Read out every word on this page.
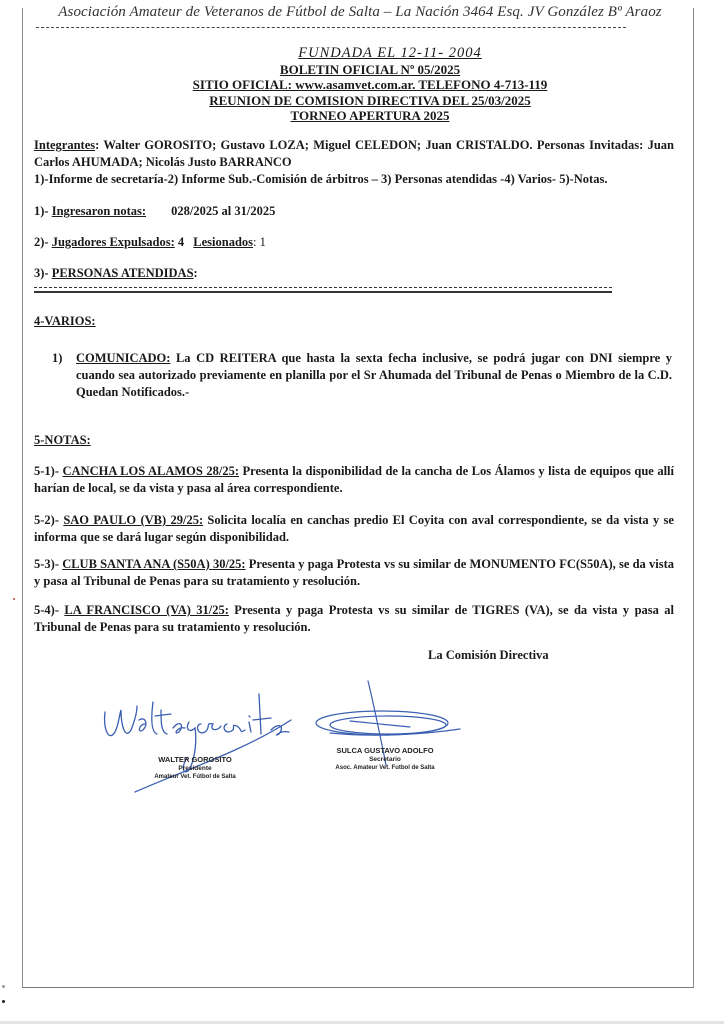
Asociación Amateur de Veteranos de Fútbol de Salta – La Nación 3464 Esq. JV González Bº Araoz
FUNDADA EL 12-11- 2004
BOLETIN OFICIAL Nº 05/2025
SITIO OFICIAL: www.asamvet.com.ar. TELEFONO 4-713-119
REUNION DE COMISION DIRECTIVA DEL 25/03/2025
TORNEO APERTURA 2025
Integrantes: Walter GOROSITO; Gustavo LOZA; Miguel CELEDON; Juan CRISTALDO. Personas Invitadas: Juan Carlos AHUMADA; Nicolás Justo BARRANCO
1)-Informe de secretaría-2) Informe Sub.-Comisión de árbitros – 3) Personas atendidas -4) Varios- 5)-Notas.
1)- Ingresaron notas: 028/2025 al 31/2025
2)- Jugadores Expulsados: 4 Lesionados: 1
3)- PERSONAS ATENDIDAS:
4-VARIOS:
1) COMUNICADO: La CD REITERA que hasta la sexta fecha inclusive, se podrá jugar con DNI siempre y cuando sea autorizado previamente en planilla por el Sr Ahumada del Tribunal de Penas o Miembro de la C.D. Quedan Notificados.-
5-NOTAS:
5-1)- CANCHA LOS ALAMOS 28/25: Presenta la disponibilidad de la cancha de Los Álamos y lista de equipos que allí harían de local, se da vista y pasa al área correspondiente.
5-2)- SAO PAULO (VB) 29/25: Solicita localía en canchas predio El Coyita con aval correspondiente, se da vista y se informa que se dará lugar según disponibilidad.
5-3)- CLUB SANTA ANA (S50A) 30/25: Presenta y paga Protesta vs su similar de MONUMENTO FC(S50A), se da vista y pasa al Tribunal de Penas para su tratamiento y resolución.
5-4)- LA FRANCISCO (VA) 31/25: Presenta y paga Protesta vs su similar de TIGRES (VA), se da vista y pasa al Tribunal de Penas para su tratamiento y resolución.
La Comisión Directiva
WALTER GOROSITO
Presidente
Amateur Vet. Fútbol de Salta
SULCA GUSTAVO ADOLFO
Secretario
Asoc. Amateur Vet. Futbol de Salta
